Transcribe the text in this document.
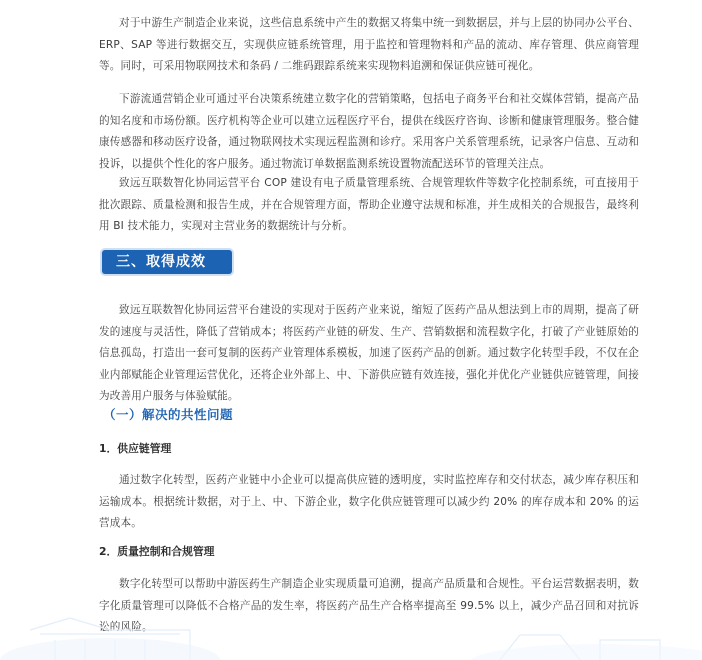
对于中游生产制造企业来说，这些信息系统中产生的数据又将集中统一到数据层，并与上层的协同办公平台、ERP、SAP 等进行数据交互，实现供应链系统管理，用于监控和管理物料和产品的流动、库存管理、供应商管理等。同时，可采用物联网技术和条码 / 二维码跟踪系统来实现物料追溯和保证供应链可视化。

下游流通营销企业可通过平台决策系统建立数字化的营销策略，包括电子商务平台和社交媒体营销，提高产品的知名度和市场份额。医疗机构等企业可以建立远程医疗平台，提供在线医疗咨询、诊断和健康管理服务。整合健康传感器和移动医疗设备，通过物联网技术实现远程监测和诊疗。采用客户关系管理系统，记录客户信息、互动和投诉，以提供个性化的客户服务。通过物流订单数据监测系统设置物流配送环节的管理关注点。

致远互联数智化协同运营平台 COP 建设有电子质量管理系统、合规管理软件等数字化控制系统，可直接用于批次跟踪、质量检测和报告生成，并在合规管理方面，帮助企业遵守法规和标准，并生成相关的合规报告，最终利用 BI 技术能力，实现对主营业务的数据统计与分析。

三、取得成效

致远互联数智化协同运营平台建设的实现对于医药产业来说，缩短了医药产品从想法到上市的周期，提高了研发的速度与灵活性，降低了营销成本；将医药产业链的研发、生产、营销数据和流程数字化，打破了产业链原始的信息孤岛，打造出一套可复制的医药产业管理体系模板，加速了医药产品的创新。通过数字化转型手段，不仅在企业内部赋能企业管理运营优化，还将企业外部上、中、下游供应链有效连接，强化并优化产业链供应链管理，间接为改善用户服务与体验赋能。

（一）解决的共性问题
1．供应链管理

通过数字化转型，医药产业链中小企业可以提高供应链的透明度，实时监控库存和交付状态，减少库存积压和运输成本。根据统计数据，对于上、中、下游企业，数字化供应链管理可以减少约 20% 的库存成本和 20% 的运营成本。

2．质量控制和合规管理

数字化转型可以帮助中游医药生产制造企业实现质量可追溯，提高产品质量和合规性。平台运营数据表明，数字化质量管理可以降低不合格产品的发生率，将医药产品生产合格率提高至 99.5% 以上，减少产品召回和对抗诉讼的风险。
